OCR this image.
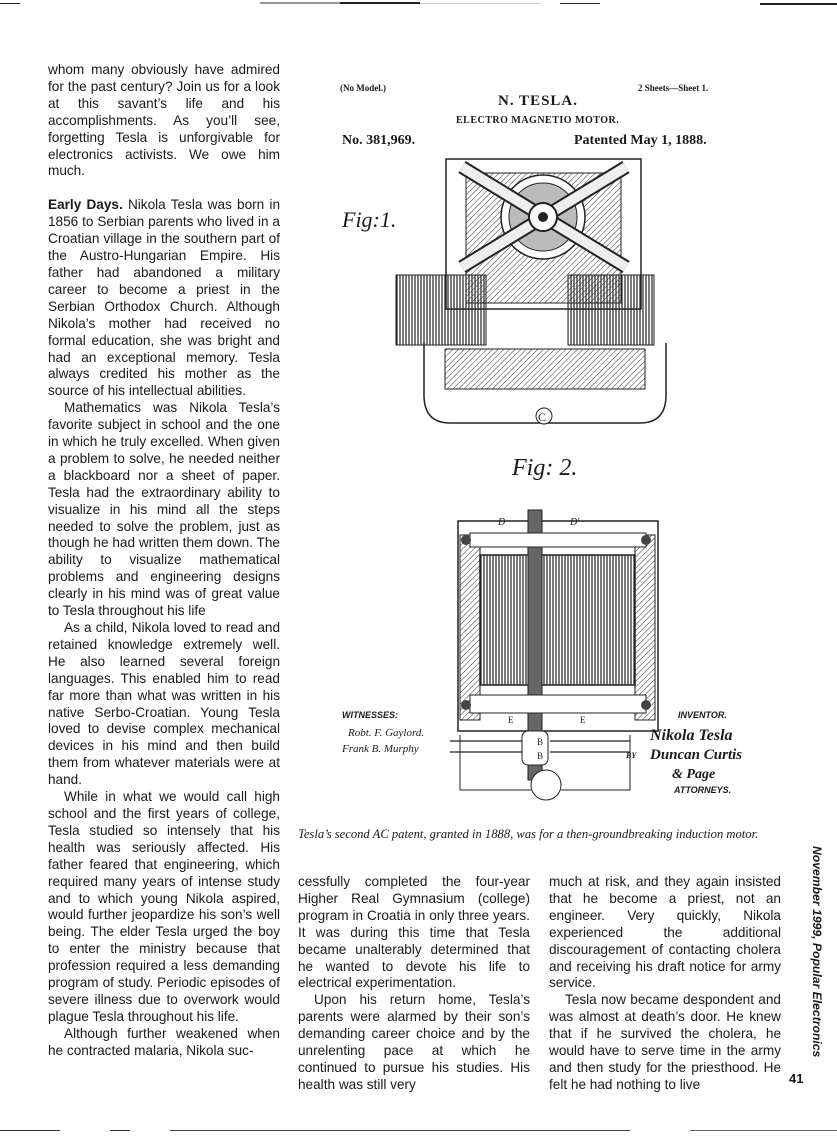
whom many obviously have admired for the past century? Join us for a look at this savant’s life and his accomplishments. As you’ll see, forgetting Tesla is unforgivable for electronics activists. We owe him much.

Early Days. Nikola Tesla was born in 1856 to Serbian parents who lived in a Croatian village in the southern part of the Austro-Hungarian Empire. His father had abandoned a military career to become a priest in the Serbian Orthodox Church. Although Nikola’s mother had received no formal education, she was bright and had an exceptional memory. Tesla always credited his mother as the source of his intellectual abilities.

Mathematics was Nikola Tesla’s favorite subject in school and the one in which he truly excelled. When given a problem to solve, he needed neither a blackboard nor a sheet of paper. Tesla had the extraordinary ability to visualize in his mind all the steps needed to solve the problem, just as though he had written them down. The ability to visualize mathematical problems and engineering designs clearly in his mind was of great value to Tesla throughout his life

As a child, Nikola loved to read and retained knowledge extremely well. He also learned several foreign languages. This enabled him to read far more than what was written in his native Serbo-Croatian. Young Tesla loved to devise complex mechanical devices in his mind and then build them from whatever materials were at hand.

While in what we would call high school and the first years of college, Tesla studied so intensely that his health was seriously affected. His father feared that engineering, which required many years of intense study and to which young Nikola aspired, would further jeopardize his son’s well being. The elder Tesla urged the boy to enter the ministry because that profession required a less demanding program of study. Periodic episodes of severe illness due to overwork would plague Tesla throughout his life.

Although further weakened when he contracted malaria, Nikola suc-

(No Model.)	2 Sheets—Sheet 1.
N. TESLA.
ELECTRO MAGNETIO MOTOR.
No. 381,969.	Patented May 1, 1888.
C
D	D'
E	E
B
B
Fig:1.
Fig: 2.
WITNESSES:
Robt. F. Gaylord.
Frank B. Murphy
INVENTOR.
Nikola Tesla
BY Duncan Curtis
& Page
ATTORNEYS.
Tesla’s second AC patent, granted in 1888, was for a then-groundbreaking induction motor.

cessfully completed the four-year Higher Real Gymnasium (college) program in Croatia in only three years. It was during this time that Tesla became unalterably determined that he wanted to devote his life to electrical experimentation.

Upon his return home, Tesla’s parents were alarmed by their son’s demanding career choice and by the unrelenting pace at which he continued to pursue his studies. His health was still very

much at risk, and they again insisted that he become a priest, not an engineer. Very quickly, Nikola experienced the additional discouragement of contacting cholera and receiving his draft notice for army service.

Tesla now became despondent and was almost at death’s door. He knew that if he survived the cholera, he would have to serve time in the army and then study for the priesthood. He felt he had nothing to live

November 1999, Popular Electronics
41
